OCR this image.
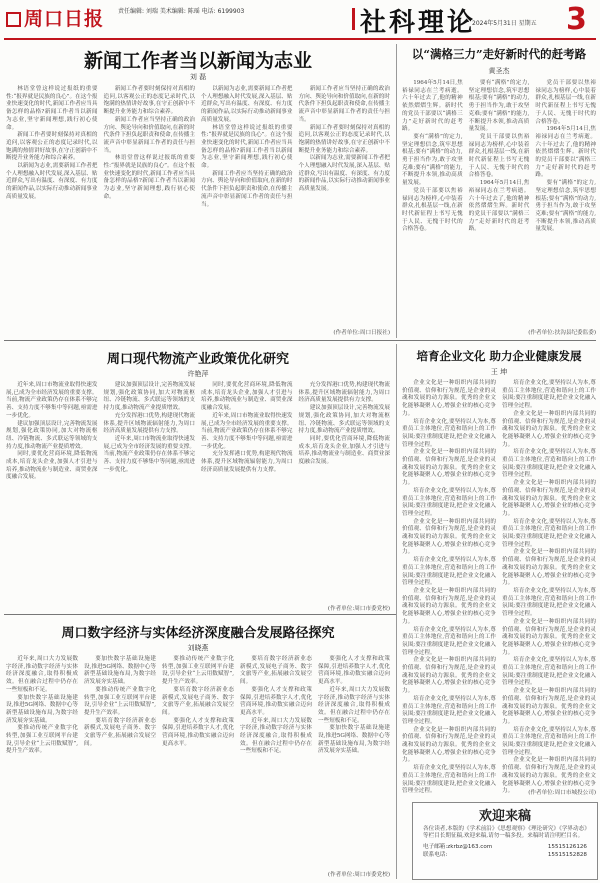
周口日报	责任编辑: 刘瑞 美术编辑: 陈瑶 电话: 6199903	社科理论
2024年5月31日 星期五 3
新闻工作者当以新闻为志业
刘 磊

林语堂曾这样说过报纸的重要性:“报界就是民族的良心”。在这个报业快速变化的时代,新闻工作者应当具备怎样的品格?新闻工作者当以新闻为志业,坚守新闻理想,践行初心使命。

新闻工作者要时刻保持对真相的追问,以客观公正的态度记录时代,以饱满的热情讲好故事,在守正创新中不断提升业务能力和综合素养。

以新闻为志业,需要新闻工作者把个人理想融入时代发展,深入基层、贴近群众,写出有温度、有深度、有力度的新闻作品,以实际行动推动新闻事业高质量发展。

新闻工作者要时刻保持对真相的追问,以客观公正的态度记录时代,以饱满的热情讲好故事,在守正创新中不断提升业务能力和综合素养。

新闻工作者应当坚持正确的政治方向、舆论导向和价值取向,在新的时代条件下担负起职责和使命,在传播主流声音中彰显新闻工作者的责任与担当。

林语堂曾这样说过报纸的重要性:“报界就是民族的良心”。在这个报业快速变化的时代,新闻工作者应当具备怎样的品格?新闻工作者当以新闻为志业,坚守新闻理想,践行初心使命。

以新闻为志业,需要新闻工作者把个人理想融入时代发展,深入基层、贴近群众,写出有温度、有深度、有力度的新闻作品,以实际行动推动新闻事业高质量发展。

林语堂曾这样说过报纸的重要性:“报界就是民族的良心”。在这个报业快速变化的时代,新闻工作者应当具备怎样的品格?新闻工作者当以新闻为志业,坚守新闻理想,践行初心使命。

新闻工作者应当坚持正确的政治方向、舆论导向和价值取向,在新的时代条件下担负起职责和使命,在传播主流声音中彰显新闻工作者的责任与担当。

新闻工作者应当坚持正确的政治方向、舆论导向和价值取向,在新的时代条件下担负起职责和使命,在传播主流声音中彰显新闻工作者的责任与担当。

新闻工作者要时刻保持对真相的追问,以客观公正的态度记录时代,以饱满的热情讲好故事,在守正创新中不断提升业务能力和综合素养。

以新闻为志业,需要新闻工作者把个人理想融入时代发展,深入基层、贴近群众,写出有温度、有深度、有力度的新闻作品,以实际行动推动新闻事业高质量发展。

(作者单位:周口日报社)
以“满格三力”走好新时代的赶考路
黄圣杰

1964年5月14日,焦裕禄同志在兰考病逝。六十年过去了,他的精神依然熠熠生辉。新时代的党员干部要以“满格三力”走好新时代的赶考路。

要有“满格”的定力,坚定理想信念,筑牢思想根基;要有“满格”的动力,勇于担当作为,敢于攻坚克难;要有“满格”的能力,不断提升本领,推动高质量发展。

党员干部要以焦裕禄同志为榜样,心中装着群众,扎根基层一线,在新时代新征程上书写无愧于人民、无愧于时代的合格答卷。

要有“满格”的定力,坚定理想信念,筑牢思想根基;要有“满格”的动力,勇于担当作为,敢于攻坚克难;要有“满格”的能力,不断提升本领,推动高质量发展。

党员干部要以焦裕禄同志为榜样,心中装着群众,扎根基层一线,在新时代新征程上书写无愧于人民、无愧于时代的合格答卷。

1964年5月14日,焦裕禄同志在兰考病逝。六十年过去了,他的精神依然熠熠生辉。新时代的党员干部要以“满格三力”走好新时代的赶考路。

党员干部要以焦裕禄同志为榜样,心中装着群众,扎根基层一线,在新时代新征程上书写无愧于人民、无愧于时代的合格答卷。

1964年5月14日,焦裕禄同志在兰考病逝。六十年过去了,他的精神依然熠熠生辉。新时代的党员干部要以“满格三力”走好新时代的赶考路。

要有“满格”的定力,坚定理想信念,筑牢思想根基;要有“满格”的动力,勇于担当作为,敢于攻坚克难;要有“满格”的能力,不断提升本领,推动高质量发展。

(作者单位:扶沟县纪委监委)
周口现代物流产业政策优化研究
许艳萍

近年来,周口市物流业取得快速发展,已成为全市经济发展的重要支撑。当前,物流产业政策仍存在体系不够完善、支持力度不够集中等问题,亟需进一步优化。

建议加强顶层设计,完善物流发展规划,强化政策协同,加大对物流枢纽、冷链物流、多式联运等领域的支持力度,推动物流产业提质增效。

同时,要优化营商环境,降低物流成本,培育龙头企业,加强人才引进与培养,推动物流业与制造业、商贸业深度融合发展。

建议加强顶层设计,完善物流发展规划,强化政策协同,加大对物流枢纽、冷链物流、多式联运等领域的支持力度,推动物流产业提质增效。

充分发挥港口优势,构建现代物流体系,提升区域物流辐射能力,为周口经济高质量发展提供有力支撑。

近年来,周口市物流业取得快速发展,已成为全市经济发展的重要支撑。当前,物流产业政策仍存在体系不够完善、支持力度不够集中等问题,亟需进一步优化。

同时,要优化营商环境,降低物流成本,培育龙头企业,加强人才引进与培养,推动物流业与制造业、商贸业深度融合发展。

近年来,周口市物流业取得快速发展,已成为全市经济发展的重要支撑。当前,物流产业政策仍存在体系不够完善、支持力度不够集中等问题,亟需进一步优化。

充分发挥港口优势,构建现代物流体系,提升区域物流辐射能力,为周口经济高质量发展提供有力支撑。

充分发挥港口优势,构建现代物流体系,提升区域物流辐射能力,为周口经济高质量发展提供有力支撑。

建议加强顶层设计,完善物流发展规划,强化政策协同,加大对物流枢纽、冷链物流、多式联运等领域的支持力度,推动物流产业提质增效。

同时,要优化营商环境,降低物流成本,培育龙头企业,加强人才引进与培养,推动物流业与制造业、商贸业深度融合发展。

(作者单位:周口市委党校)
培育企业文化 助力企业健康发展
王 坤

企业文化是一种组织内部共同的价值观、信仰和行为规范,是企业的灵魂和发展的动力源泉。优秀的企业文化能够凝聚人心,增强企业的核心竞争力。

培育企业文化,要坚持以人为本,尊重员工主体地位,营造和谐向上的工作氛围;要注重制度建设,把企业文化融入管理全过程。

企业文化是一种组织内部共同的价值观、信仰和行为规范,是企业的灵魂和发展的动力源泉。优秀的企业文化能够凝聚人心,增强企业的核心竞争力。

培育企业文化,要坚持以人为本,尊重员工主体地位,营造和谐向上的工作氛围;要注重制度建设,把企业文化融入管理全过程。

企业文化是一种组织内部共同的价值观、信仰和行为规范,是企业的灵魂和发展的动力源泉。优秀的企业文化能够凝聚人心,增强企业的核心竞争力。

培育企业文化,要坚持以人为本,尊重员工主体地位,营造和谐向上的工作氛围;要注重制度建设,把企业文化融入管理全过程。

企业文化是一种组织内部共同的价值观、信仰和行为规范,是企业的灵魂和发展的动力源泉。优秀的企业文化能够凝聚人心,增强企业的核心竞争力。

培育企业文化,要坚持以人为本,尊重员工主体地位,营造和谐向上的工作氛围;要注重制度建设,把企业文化融入管理全过程。

企业文化是一种组织内部共同的价值观、信仰和行为规范,是企业的灵魂和发展的动力源泉。优秀的企业文化能够凝聚人心,增强企业的核心竞争力。

培育企业文化,要坚持以人为本,尊重员工主体地位,营造和谐向上的工作氛围;要注重制度建设,把企业文化融入管理全过程。

企业文化是一种组织内部共同的价值观、信仰和行为规范,是企业的灵魂和发展的动力源泉。优秀的企业文化能够凝聚人心,增强企业的核心竞争力。

培育企业文化,要坚持以人为本,尊重员工主体地位,营造和谐向上的工作氛围;要注重制度建设,把企业文化融入管理全过程。

培育企业文化,要坚持以人为本,尊重员工主体地位,营造和谐向上的工作氛围;要注重制度建设,把企业文化融入管理全过程。

企业文化是一种组织内部共同的价值观、信仰和行为规范,是企业的灵魂和发展的动力源泉。优秀的企业文化能够凝聚人心,增强企业的核心竞争力。

培育企业文化,要坚持以人为本,尊重员工主体地位,营造和谐向上的工作氛围;要注重制度建设,把企业文化融入管理全过程。

企业文化是一种组织内部共同的价值观、信仰和行为规范,是企业的灵魂和发展的动力源泉。优秀的企业文化能够凝聚人心,增强企业的核心竞争力。

培育企业文化,要坚持以人为本,尊重员工主体地位,营造和谐向上的工作氛围;要注重制度建设,把企业文化融入管理全过程。

企业文化是一种组织内部共同的价值观、信仰和行为规范,是企业的灵魂和发展的动力源泉。优秀的企业文化能够凝聚人心,增强企业的核心竞争力。

培育企业文化,要坚持以人为本,尊重员工主体地位,营造和谐向上的工作氛围;要注重制度建设,把企业文化融入管理全过程。

企业文化是一种组织内部共同的价值观、信仰和行为规范,是企业的灵魂和发展的动力源泉。优秀的企业文化能够凝聚人心,增强企业的核心竞争力。

培育企业文化,要坚持以人为本,尊重员工主体地位,营造和谐向上的工作氛围;要注重制度建设,把企业文化融入管理全过程。

企业文化是一种组织内部共同的价值观、信仰和行为规范,是企业的灵魂和发展的动力源泉。优秀的企业文化能够凝聚人心,增强企业的核心竞争力。

培育企业文化,要坚持以人为本,尊重员工主体地位,营造和谐向上的工作氛围;要注重制度建设,把企业文化融入管理全过程。

企业文化是一种组织内部共同的价值观、信仰和行为规范,是企业的灵魂和发展的动力源泉。优秀的企业文化能够凝聚人心,增强企业的核心竞争力。	(作者单位:周口市城投公司)
周口数字经济与实体经济深度融合发展路径探究
刘晓燕

近年来,周口大力发展数字经济,推动数字经济与实体经济深度融合,取得积极成效。但在融合过程中仍存在一些短板和不足。

要加快数字基础设施建设,推进5G网络、数据中心等新型基础设施布局,为数字经济发展夯实基础。

要推动传统产业数字化转型,加强工业互联网平台建设,引导企业“上云用数赋智”,提升生产效率。

要加快数字基础设施建设,推进5G网络、数据中心等新型基础设施布局,为数字经济发展夯实基础。

要推动传统产业数字化转型,加强工业互联网平台建设,引导企业“上云用数赋智”,提升生产效率。

要培育数字经济新业态新模式,发展电子商务、数字文旅等产业,拓展融合发展空间。

要推动传统产业数字化转型,加强工业互联网平台建设,引导企业“上云用数赋智”,提升生产效率。

要培育数字经济新业态新模式,发展电子商务、数字文旅等产业,拓展融合发展空间。

要强化人才支撑和政策保障,引进培养数字人才,优化营商环境,推动数实融合迈向更高水平。

要培育数字经济新业态新模式,发展电子商务、数字文旅等产业,拓展融合发展空间。

要强化人才支撑和政策保障,引进培养数字人才,优化营商环境,推动数实融合迈向更高水平。

近年来,周口大力发展数字经济,推动数字经济与实体经济深度融合,取得积极成效。但在融合过程中仍存在一些短板和不足。

要强化人才支撑和政策保障,引进培养数字人才,优化营商环境,推动数实融合迈向更高水平。

近年来,周口大力发展数字经济,推动数字经济与实体经济深度融合,取得积极成效。但在融合过程中仍存在一些短板和不足。

要加快数字基础设施建设,推进5G网络、数据中心等新型基础设施布局,为数字经济发展夯实基础。

(作者单位:周口市委党校)
欢迎来稿
各位读者,本版的《学术前沿》《思想观察》《理论研究》《学界动态》等栏目长期征稿,欢迎来稿,请勿一稿多投。来稿时请注明栏目名。
电子邮箱:zkrbz@163.com	15515126126
联系电话:	15515152828
